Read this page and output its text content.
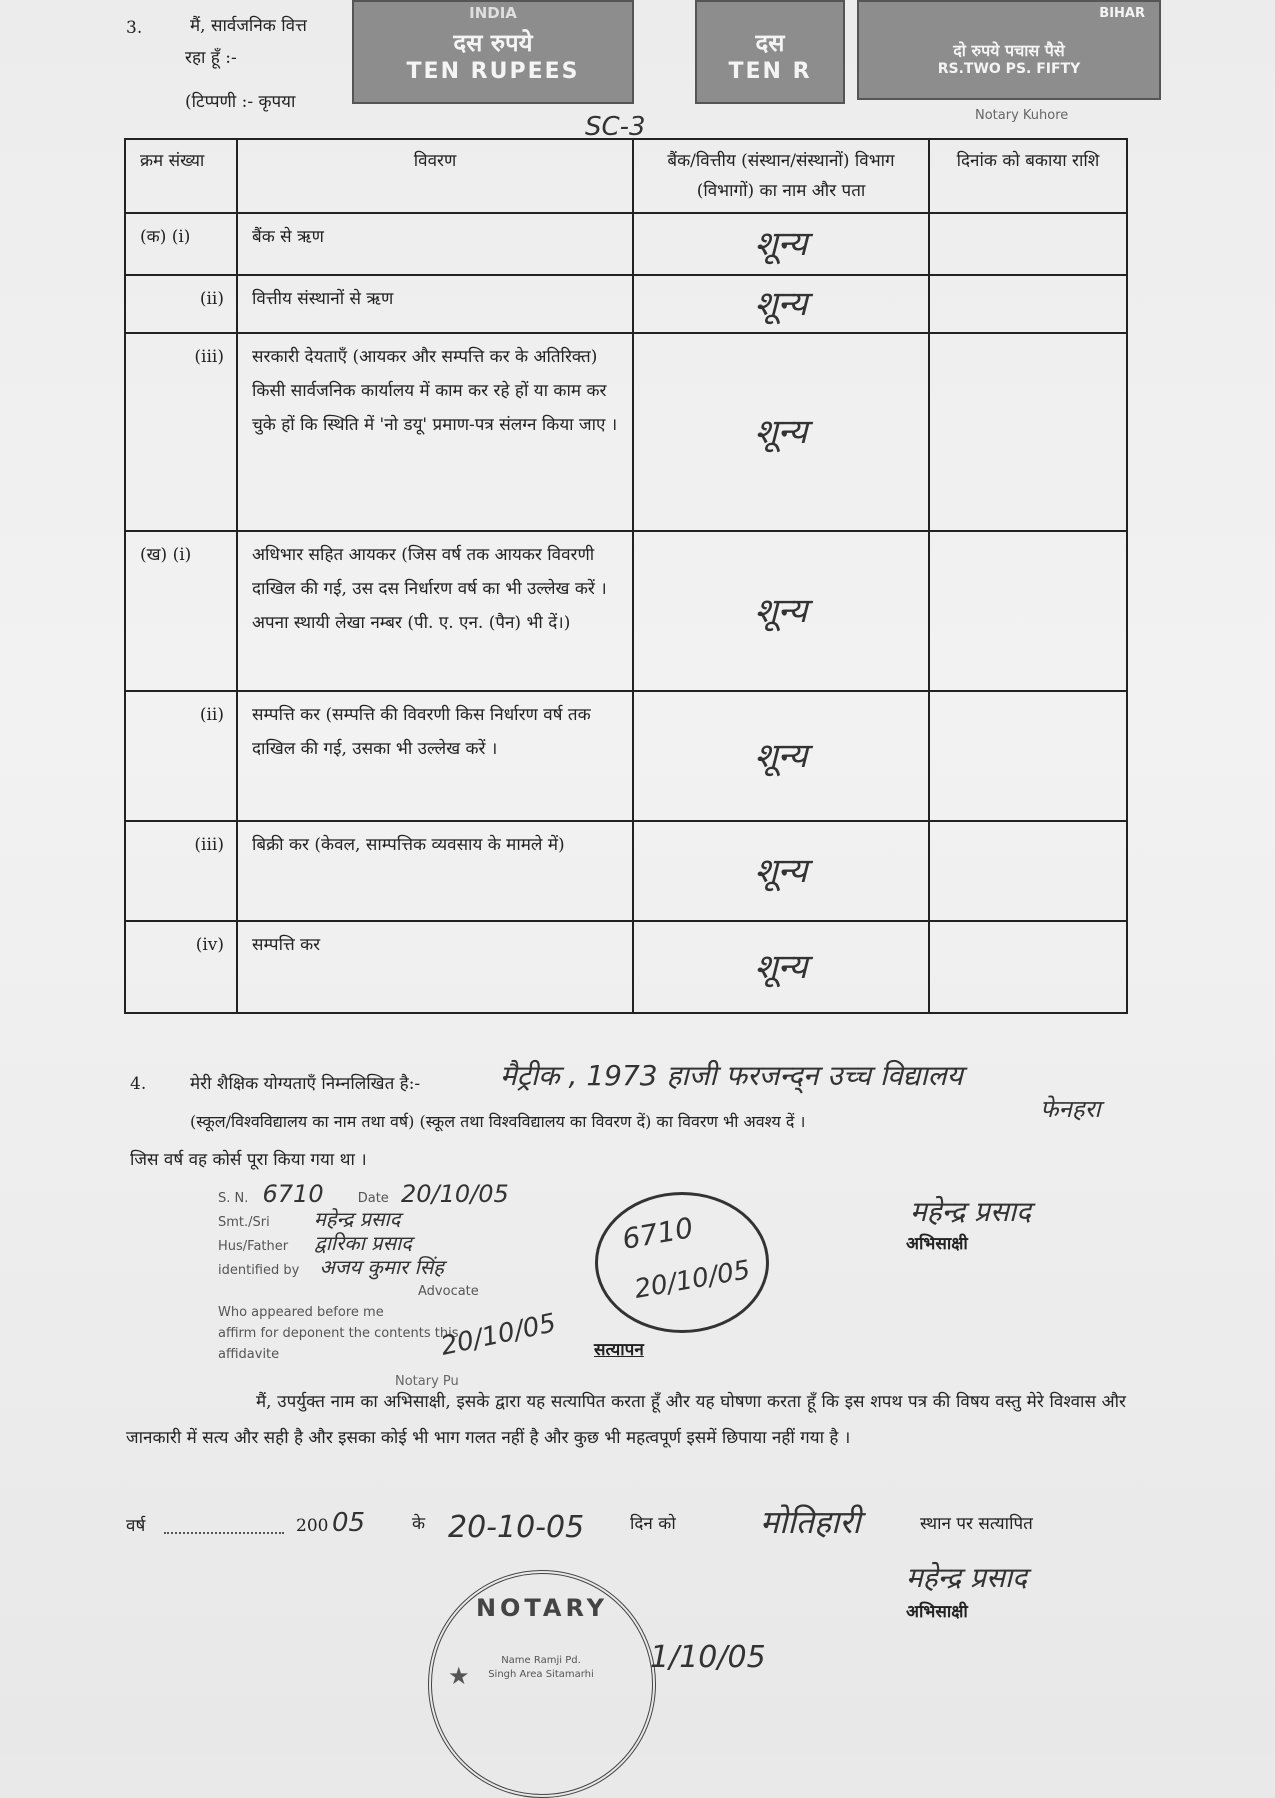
INDIA
दस रुपये
TEN RUPEES
दस
TEN R
BIHAR
दो रुपये पचास पैसे
RS.TWO PS. FIFTY
3.	मैं, सार्वजनिक वित्त
रहा हूँ :-
(टिप्पणी :- कृपया
SC-3	Notary Kuhore
क्रम संख्या	विवरण	बैंक/वित्तीय (संस्थान/संस्थानों) विभाग (विभागों) का नाम और पता	दिनांक को बकाया राशि
(क) (i)	बैंक से ऋण	शून्य	
(ii)	वित्तीय संस्थानों से ऋण	शून्य	
(iii)	सरकारी देयताएँ (आयकर और सम्पत्ति कर के अतिरिक्त) किसी सार्वजनिक कार्यालय में काम कर रहे हों या काम कर चुके हों कि स्थिति में 'नो डयू' प्रमाण-पत्र संलग्न किया जाए ।	शून्य	
(ख) (i)	अधिभार सहित आयकर (जिस वर्ष तक आयकर विवरणी दाखिल की गई, उस दस निर्धारण वर्ष का भी उल्लेख करें । अपना स्थायी लेखा नम्बर (पी. ए. एन. (पैन) भी दें।)	शून्य	
(ii)	सम्पत्ति कर (सम्पत्ति की विवरणी किस निर्धारण वर्ष तक दाखिल की गई, उसका भी उल्लेख करें ।	शून्य	
(iii)	बिक्री कर (केवल, साम्पत्तिक व्यवसाय के मामले में)	शून्य	
(iv)	सम्पत्ति कर	शून्य	
4.	मेरी शैक्षिक योग्यताएँ निम्नलिखित है:-	मैट्रीक , 1973 हाजी फरजन्द्न उच्च विद्यालय
फेनहरा
(स्कूल/विश्वविद्यालय का नाम तथा वर्ष) (स्कूल तथा विश्वविद्यालय का विवरण दें) का विवरण भी अवश्य दें ।
जिस वर्ष वह कोर्स पूरा किया गया था ।
S. N. 6710	Date 20/10/05
Smt./Sri महेन्द्र प्रसाद
Hus/Father द्वारिका प्रसाद
identified by अजय कुमार सिंह
Advocate
Who appeared before me
affirm for deponent the contents this
affidavite
Notary Pu
20/10/05
6710
20/10/05
महेन्द्र प्रसाद
अभिसाक्षी
सत्यापन
मैं, उपर्युक्त नाम का अभिसाक्षी, इसके द्वारा यह सत्यापित करता हूँ और यह घोषणा करता हूँ कि इस शपथ पत्र की विषय वस्तु मेरे विश्वास और जानकारी में सत्य और सही है और इसका कोई भी भाग गलत नहीं है और कुछ भी महत्वपूर्ण इसमें छिपाया नहीं गया है ।
वर्ष	200 05	के 20-10-05	दिन को	मोतिहारी	स्थान पर सत्यापित
महेन्द्र प्रसाद
अभिसाक्षी
NOTARY
Name Ramji Pd. Singh Area Sitamarhi
★
1/10/05
